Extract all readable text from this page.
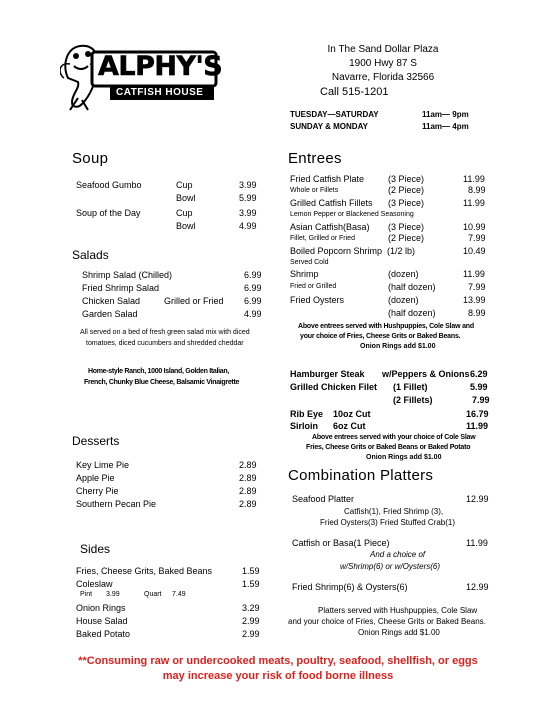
ALPHY'S
CATFISH HOUSE
In The Sand Dollar Plaza
1900 Hwy 87 S
Navarre, Florida 32566
Call 515-1201
TUESDAY—SATURDAY	11am— 9pm
SUNDAY & MONDAY	11am— 4pm
Soup
Seafood Gumbo	Cup	3.99
Bowl	5.99
Soup of the Day	Cup	3.99
Bowl	4.99
Salads
Shrimp Salad (Chilled)	6.99
Fried Shrimp Salad	6.99
Chicken Salad	Grilled or Fried 6.99
Garden Salad	4.99
All served on a bed of fresh green salad mix with diced
tomatoes, diced cucumbers and shredded cheddar
Home-style Ranch, 1000 Island, Golden Italian,
French, Chunky Blue Cheese, Balsamic Vinaigrette
Desserts
Key Lime Pie	2.89
Apple Pie	2.89
Cherry Pie	2.89
Southern Pecan Pie	2.89
Sides
Fries, Cheese Grits, Baked Beans	1.59
Coleslaw	1.59
Pint 3.99	Quart 7.49
Onion Rings	3.29
House Salad	2.99
Baked Potato	2.99
Entrees
Fried Catfish Plate	(3 Piece)	11.99
Whole or Fillets	(2 Piece)	8.99
Grilled Catfish Fillets (3 Piece)	11.99
Lemon Pepper or Blackened Seasoning
Asian Catfish(Basa) (3 Piece)	10.99
Fillet, Grilled or Fried	(2 Piece)	7.99
Boiled Popcorn Shrimp (1/2 lb)	10.49
Served Cold
Shrimp	(dozen)	11.99
Fried or Grilled	(half dozen)	7.99
Fried Oysters	(dozen)	13.99
(half dozen)	8.99
Above entrees served with Hushpuppies, Cole Slaw and
your choice of Fries, Cheese Grits or Baked Beans.
Onion Rings add $1.00
Hamburger Steak w/Peppers & Onions 6.29
Grilled Chicken Filet (1 Fillet)	5.99
(2 Fillets)	7.99
Rib Eye 10oz Cut	16.79
Sirloin 6oz Cut	11.99
Above entrees served with your choice of Cole Slaw
Fries, Cheese Grits or Baked Beans or Baked Potato
Onion Rings add $1.00
Combination Platters
Seafood Platter	12.99
Catfish(1), Fried Shrimp (3),
Fried Oysters(3) Fried Stuffed Crab(1)
Catfish or Basa(1 Piece)	11.99
And a choice of
w/Shrimp(6) or w/Oysters(6)
Fried Shrimp(6) & Oysters(6)	12.99
Platters served with Hushpuppies, Cole Slaw
and your choice of Fries, Cheese Grits or Baked Beans.
Onion Rings add $1.00
**Consuming raw or undercooked meats, poultry, seafood, shellfish, or eggs
may increase your risk of food borne illness
